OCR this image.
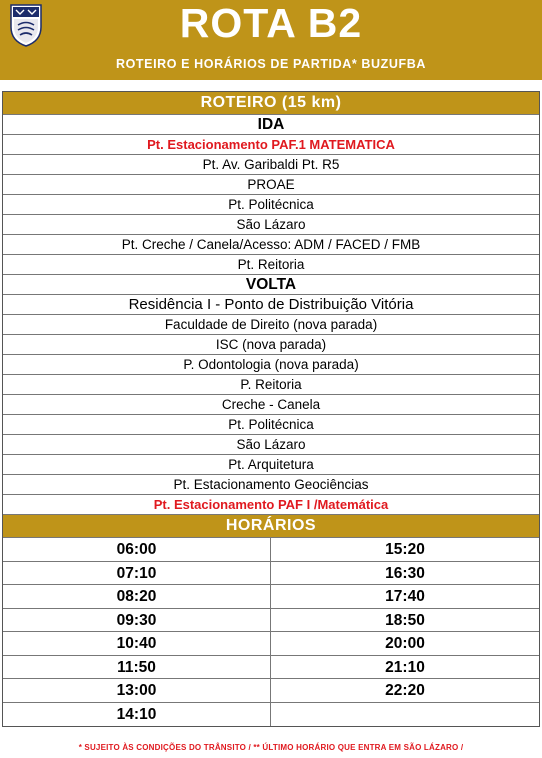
ROTA B2
ROTEIRO E HORÁRIOS DE PARTIDA* BUZUFBA
ROTEIRO (15 km)
IDA
Pt. Estacionamento PAF.1 MATEMATICA
Pt. Av. Garibaldi Pt. R5
PROAE
Pt. Politécnica
São Lázaro
Pt. Creche / Canela/Acesso: ADM / FACED / FMB
Pt. Reitoria
VOLTA
Residência I - Ponto de Distribuição Vitória
Faculdade de Direito (nova parada)
ISC (nova parada)
P. Odontologia (nova parada)
P. Reitoria
Creche - Canela
Pt. Politécnica
São Lázaro
Pt. Arquitetura
Pt. Estacionamento Geociências
Pt. Estacionamento PAF I /Matemática
HORÁRIOS
06:00
07:10
08:20
09:30
10:40
11:50
13:00
14:10
15:20
16:30
17:40
18:50
20:00
21:10
22:20
* SUJEITO ÀS CONDIÇÕES DO TRÂNSITO / ** ÚLTIMO HORÁRIO QUE ENTRA EM SÃO LÁZARO /
